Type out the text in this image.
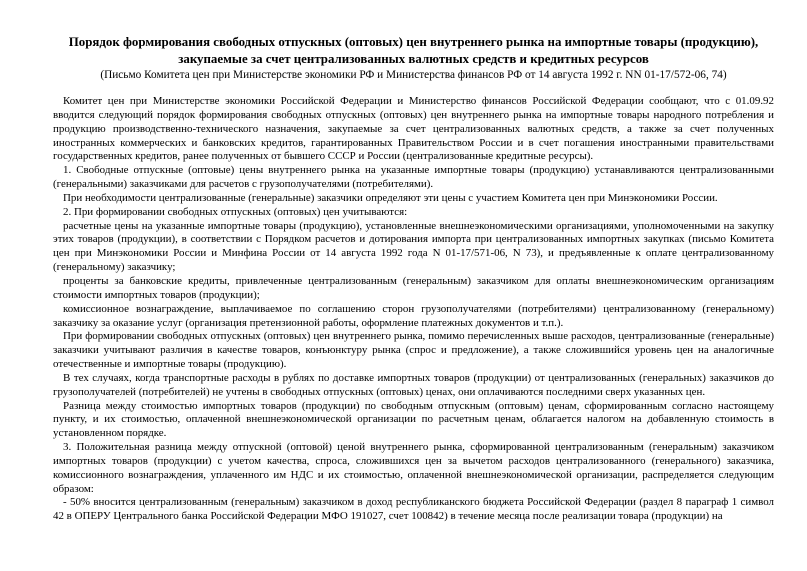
Порядок формирования свободных отпускных (оптовых) цен внутреннего рынка на импортные товары (продукцию),

закупаемые за счет централизованных валютных средств и кредитных ресурсов

(Письмо Комитета цен при Министерстве экономики РФ и Министерства финансов РФ от 14 августа 1992 г. NN 01-17/572-06, 74)

Комитет цен при Министерстве экономики Российской Федерации и Министерство финансов Российской Федерации сообщают, что с 01.09.92 вводится следующий порядок формирования свободных отпускных (оптовых) цен внутреннего рынка на импортные товары народного потребления и продукцию производственно-технического назначения, закупаемые за счет централизованных валютных средств, а также за счет полученных иностранных коммерческих и банковских кредитов, гарантированных Правительством России и в счет погашения иностранными правительствами государственных кредитов, ранее полученных от бывшего СССР и России (централизованные кредитные ресурсы).

1. Свободные отпускные (оптовые) цены внутреннего рынка на указанные импортные товары (продукцию) устанавливаются централизованными (генеральными) заказчиками для расчетов с грузополучателями (потребителями).

При необходимости централизованные (генеральные) заказчики определяют эти цены с участием Комитета цен при Минэкономики России.

2. При формировании свободных отпускных (оптовых) цен учитываются:

расчетные цены на указанные импортные товары (продукцию), установленные внешнеэкономическими организациями, уполномоченными на закупку этих товаров (продукции), в соответствии с Порядком расчетов и дотирования импорта при централизованных импортных закупках (письмо Комитета цен при Минэкономики России и Минфина России от 14 августа 1992 года N 01-17/571-06, N 73), и предъявленные к оплате централизованному (генеральному) заказчику;

проценты за банковские кредиты, привлеченные централизованным (генеральным) заказчиком для оплаты внешнеэкономическим организациям стоимости импортных товаров (продукции);

комиссионное вознаграждение, выплачиваемое по соглашению сторон грузополучателями (потребителями) централизованному (генеральному) заказчику за оказание услуг (организация претензионной работы, оформление платежных документов и т.п.).

При формировании свободных отпускных (оптовых) цен внутреннего рынка, помимо перечисленных выше расходов, централизованные (генеральные) заказчики учитывают различия в качестве товаров, конъюнктуру рынка (спрос и предложение), а также сложившийся уровень цен на аналогичные отечественные и импортные товары (продукцию).

В тех случаях, когда транспортные расходы в рублях по доставке импортных товаров (продукции) от централизованных (генеральных) заказчиков до грузополучателей (потребителей) не учтены в свободных отпускных (оптовых) ценах, они оплачиваются последними сверх указанных цен.

Разница между стоимостью импортных товаров (продукции) по свободным отпускным (оптовым) ценам, сформированным согласно настоящему пункту, и их стоимостью, оплаченной внешнеэкономической организации по расчетным ценам, облагается налогом на добавленную стоимость в установленном порядке.

3. Положительная разница между отпускной (оптовой) ценой внутреннего рынка, сформированной централизованным (генеральным) заказчиком импортных товаров (продукции) с учетом качества, спроса, сложившихся цен за вычетом расходов централизованного (генерального) заказчика, комиссионного вознаграждения, уплаченного им НДС и их стоимостью, оплаченной внешнеэкономической организации, распределяется следующим образом:

- 50% вносится централизованным (генеральным) заказчиком в доход республиканского бюджета Российской Федерации (раздел 8 параграф 1 символ 42 в ОПЕРУ Центрального банка Российской Федерации МФО 191027, счет 100842) в течение месяца после реализации товара (продукции) на
